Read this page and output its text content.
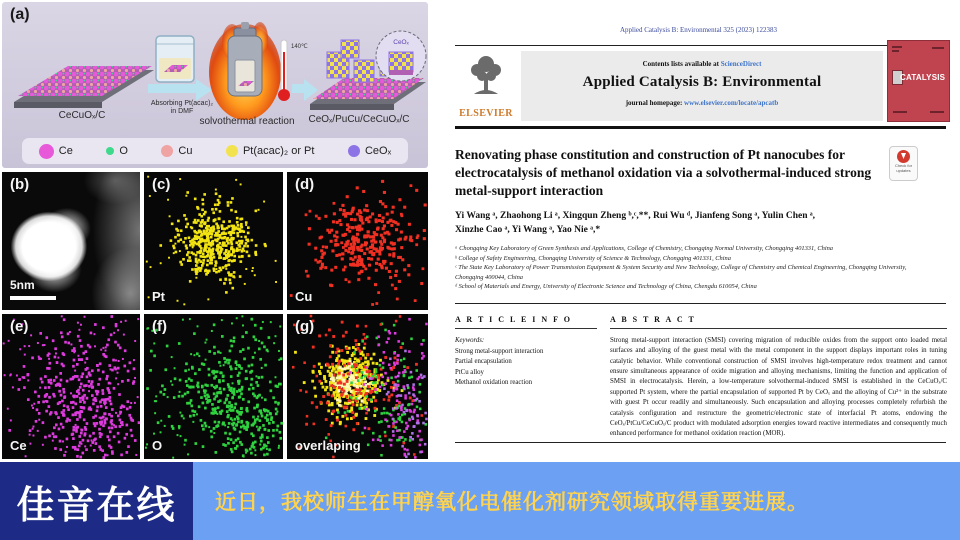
140℃
CeOₓ
(a)
CeCuOₓ/C
Absorbing Pt(acac)₂
in DMF
solvothermal reaction	CeOₓ/PuCu/CeCuOₓ/C
Ce	O	Cu	Pt(acac)₂ or Pt	CeOₓ
(b)
5nm
(c)
Pt
(d)
Cu
(e)
Ce
(f)
O
(g)
overlaping
Applied Catalysis B: Environmental 325 (2023) 122383
ELSEVIER
Contents lists available at ScienceDirect
Applied Catalysis B: Environmental
journal homepage: www.elsevier.com/locate/apcatb
CATALYSIS
Renovating phase constitution and construction of Pt nanocubes for electrocatalysis of methanol oxidation via a solvothermal-induced strong metal-support interaction
Check for updates
Yi Wang ᵃ, Zhaohong Li ᵃ, Xingqun Zheng ᵇ,ᶜ,**, Rui Wu ᵈ, Jianfeng Song ᵃ, Yulin Chen ᵃ,
Xinzhe Cao ᵃ, Yi Wang ᵃ, Yao Nie ᵃ,*
ᵃ Chongqing Key Laboratory of Green Synthesis and Applications, College of Chemistry, Chongqing Normal University, Chongqing 401331, China
ᵇ College of Safety Engineering, Chongqing University of Science & Technology, Chongqing 401331, China
ᶜ The State Key Laboratory of Power Transmission Equipment & System Security and New Technology, College of Chemistry and Chemical Engineering, Chongqing University, Chongqing 400044, China
ᵈ School of Materials and Energy, University of Electronic Science and Technology of China, Chengdu 610054, China
A R T I C L E I N F O
Keywords:
Strong metal-support interaction
Partial encapsulation
PtCu alloy
Methanol oxidation reaction
A B S T R A C T
Strong metal-support interaction (SMSI) covering migration of reducible oxides from the support onto loaded metal surfaces and alloying of the guest metal with the metal component in the support displays important roles in tuning catalytic behavior. While conventional construction of SMSI involves high-temperature redox treatment and cannot ensure simultaneous appearance of oxide migration and alloying mechanisms, limiting the function and application of SMSI in electrocatalysis. Herein, a low-temperature solvothermal-induced SMSI is established in the CeCuOₓ/C supported Pt system, where the partial encapsulation of supported Pt by CeOₓ and the alloying of Cu²⁺ in the substrate with guest Pt occur readily and simultaneously. Such encapsulation and alloying processes completely refurbish the catalysis configuration and restructure the geometric/electronic state of interfacial Pt atoms, endowing the CeOₓ/PtCu/CeCuOₓ/C product with modulated adsorption energies toward reactive intermediates and consequently much enhanced performance for methanol oxidation reaction (MOR).
佳音在线	近日，我校师生在甲醇氧化电催化剂研究领域取得重要进展。
